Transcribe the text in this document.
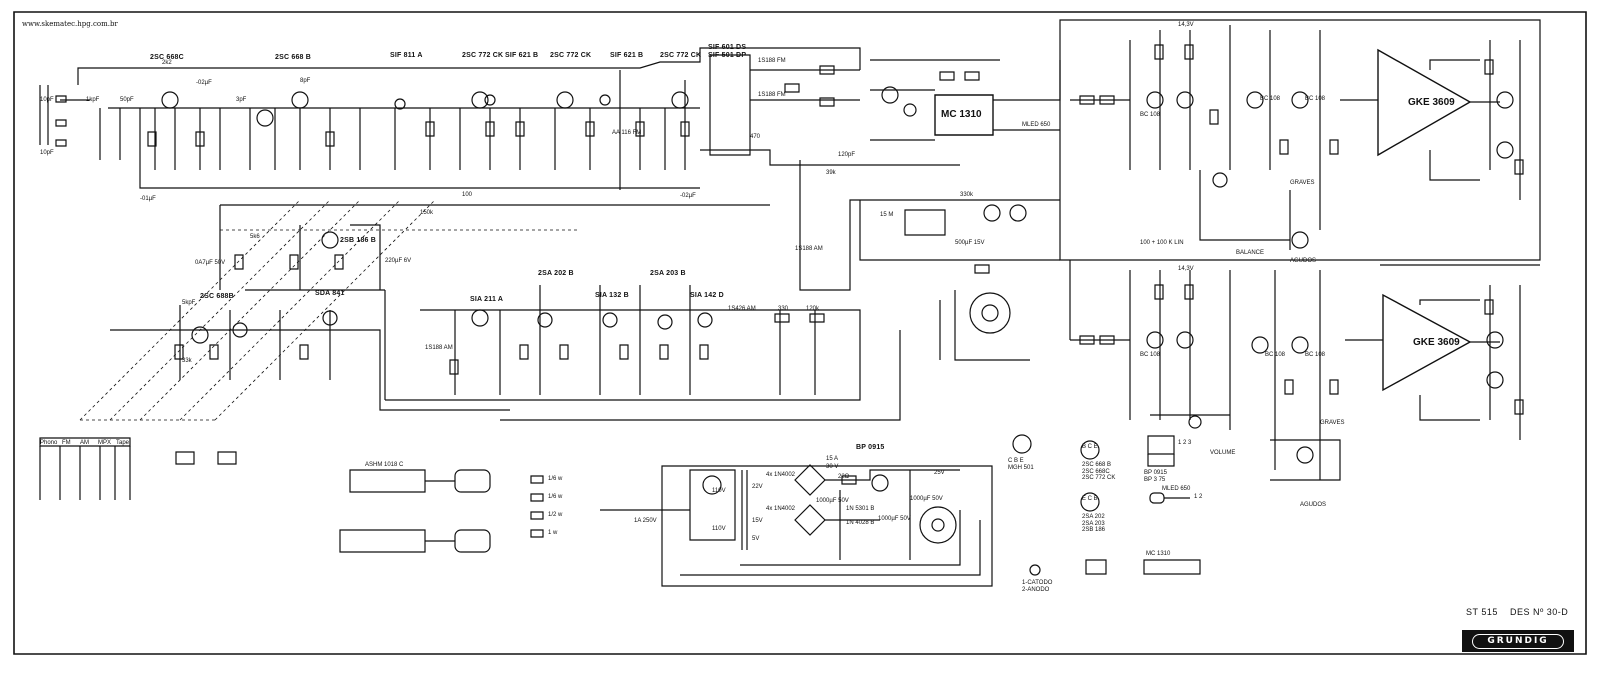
www.skematec.hpg.com.br
2SC 668C	2SC 668 B	SIF 811 A	2SC 772 CK SIF 621 B 2SC 772 CK	SIF 621 B 2SC 772 CK
SIF 601 DS
SIF 501 DP
1S188 FM
1S188 FM
AA 116 FM
2k2
-02µF
10pF
10pF
1kpF	50pF
8pF
3pF
150k
100
-01µF	-02µF
0A7µF 50V	220µF 6V
5k6	2SB 186 B
2SC 688B	SDA 841
5kpF
33k
2SA 202 B	2SA 203 B
SIA 211 A
SIA 132 B	SIA 142 D
1S426 AM
1S188 AM
1S188 AM
330	120k
470
120pF
39k
MC 1310
MLED 650
100 + 100 K LIN
BALANCE
330k
15 M
500µF 15V
GKE 3609
GKE 3609
BC 108
BC 108	BC 108
BC 108	BC 108	BC 108
VOLUME
GRAVES
AGUDOS
AGUDOS
GRAVES
14,3V
14,3V
BP 0915
110V
110V
22V
15V
5V
4x 1N4002
4x 1N4002
1000µF 50V
1000µF 50V
1000µF 50V
1N 5301 B
1N 4028 B
15 A
30 V
22Ω
25V
1A 250V
Phono FM AM MPX Tape
ASHM 1018 C
1/6 w
1/6 w
1/2 w
1 w
C B E
MGH 501	2SC 668 B
2SC 668C
2SC 772 CK
2SA 202
2SA 203
2SB 186
BP 0915
BP 3 75
MLED 650
MC 1310
1-CATODO
2-ANODO
B C E
E C B
1 2 3
1 2
ST 515 DES Nº 30-D
GRUNDIG
